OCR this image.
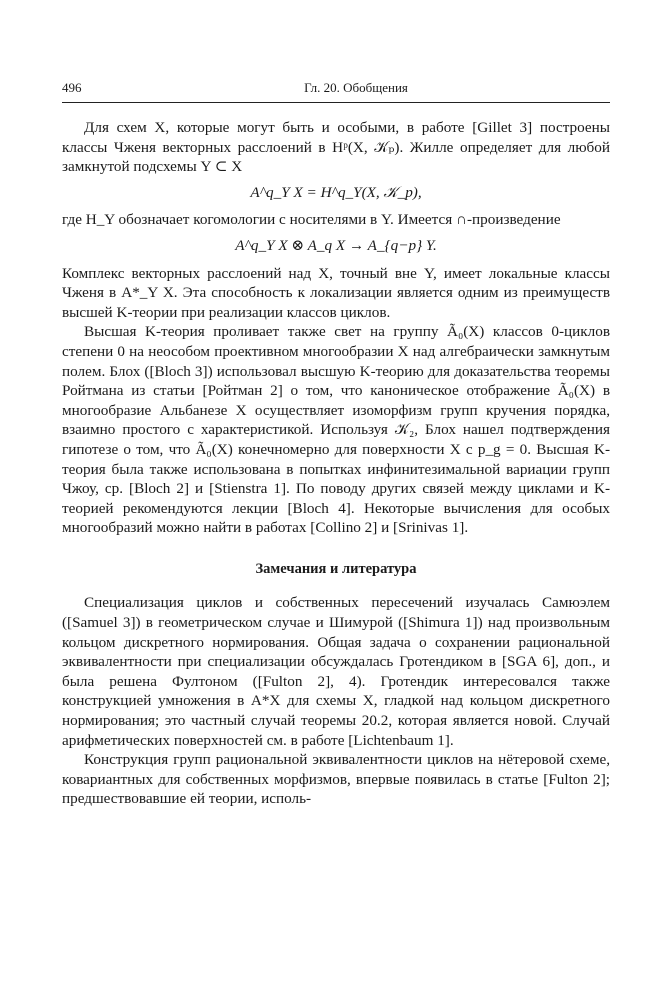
496	Гл. 20. Обобщения

Для схем X, которые могут быть и особыми, в работе [Gillet 3] построены классы Чженя векторных расслоений в Hᵖ(X, 𝒦ₚ). Жилле определяет для любой замкнутой подсхемы Y ⊂ X

A^q_Y X = H^q_Y(X, 𝒦_p),

где H_Y обозначает когомологии с носителями в Y. Имеется ∩-произведение

A^q_Y X ⊗ A_q X → A_{q−p} Y.

Комплекс векторных расслоений над X, точный вне Y, имеет локальные классы Чженя в A*_Y X. Эта способность к локализации является одним из преимуществ высшей K-теории при реализации классов циклов.

Высшая K-теория проливает также свет на группу Ã₀(X) классов 0-циклов степени 0 на неособом проективном многообразии X над алгебраически замкнутым полем. Блох ([Bloch 3]) использовал высшую K-теорию для доказательства теоремы Ройтмана из статьи [Ройтман 2] о том, что каноническое отображение Ã₀(X) в многообразие Альбанезе X осуществляет изоморфизм групп кручения порядка, взаимно простого с характеристикой. Используя 𝒦₂, Блох нашел подтверждения гипотезе о том, что Ã₀(X) конечномерно для поверхности X с p_g = 0. Высшая K-теория была также использована в попытках инфинитезимальной вариации групп Чжоу, ср. [Bloch 2] и [Stienstra 1]. По поводу других связей между циклами и K-теорией рекомендуются лекции [Bloch 4]. Некоторые вычисления для особых многообразий можно найти в работах [Collino 2] и [Srinivas 1].

Замечания и литература

Специализация циклов и собственных пересечений изучалась Самюэлем ([Samuel 3]) в геометрическом случае и Шимурой ([Shimura 1]) над произвольным кольцом дискретного нормирования. Общая задача о сохранении рациональной эквивалентности при специализации обсуждалась Гротендиком в [SGA 6], доп., и была решена Фултоном ([Fulton 2], 4). Гротендик интересовался также конструкцией умножения в A*X для схемы X, гладкой над кольцом дискретного нормирования; это частный случай теоремы 20.2, которая является новой. Случай арифметических поверхностей см. в работе [Lichtenbaum 1].

Конструкция групп рациональной эквивалентности циклов на нётеровой схеме, ковариантных для собственных морфизмов, впервые появилась в статье [Fulton 2]; предшествовавшие ей теории, исполь-
